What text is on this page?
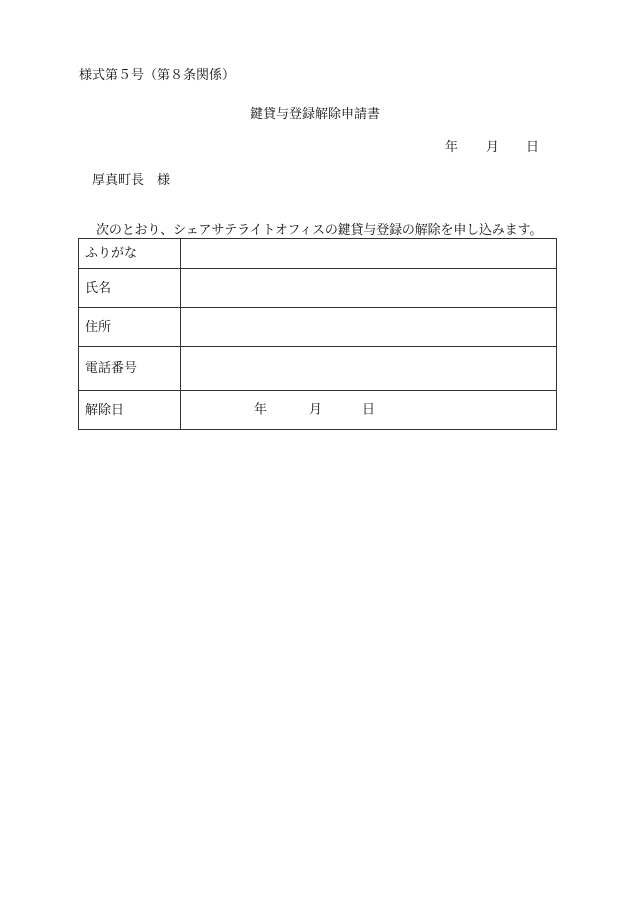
様式第５号（第８条関係）
鍵貸与登録解除申請書
年 月 日
厚真町長　様
次のとおり、シェアサテライトオフィスの鍵貸与登録の解除を申し込みます。
ふりがな	
氏名	
住所	
電話番号	
解除日	年 月 日
